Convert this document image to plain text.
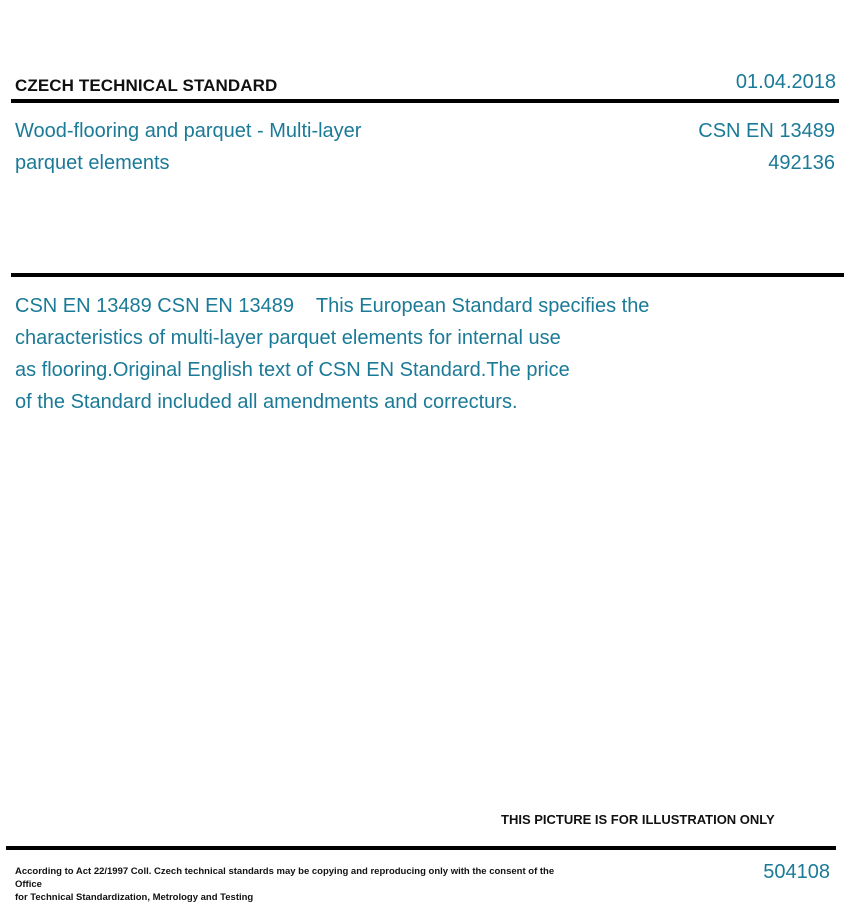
CZECH TECHNICAL STANDARD	01.04.2018
Wood-flooring and parquet - Multi-layer
parquet elements
CSN EN 13489
492136
CSN EN 13489 CSN EN 13489    This European Standard specifies the
characteristics of multi-layer parquet elements for internal use
as flooring.Original English text of CSN EN Standard.The price
of the Standard included all amendments and correcturs.
THIS PICTURE IS FOR ILLUSTRATION ONLY
According to Act 22/1997 Coll. Czech technical standards may be copying and reproducing only with the consent of the Office
for Technical Standardization, Metrology and Testing
504108
